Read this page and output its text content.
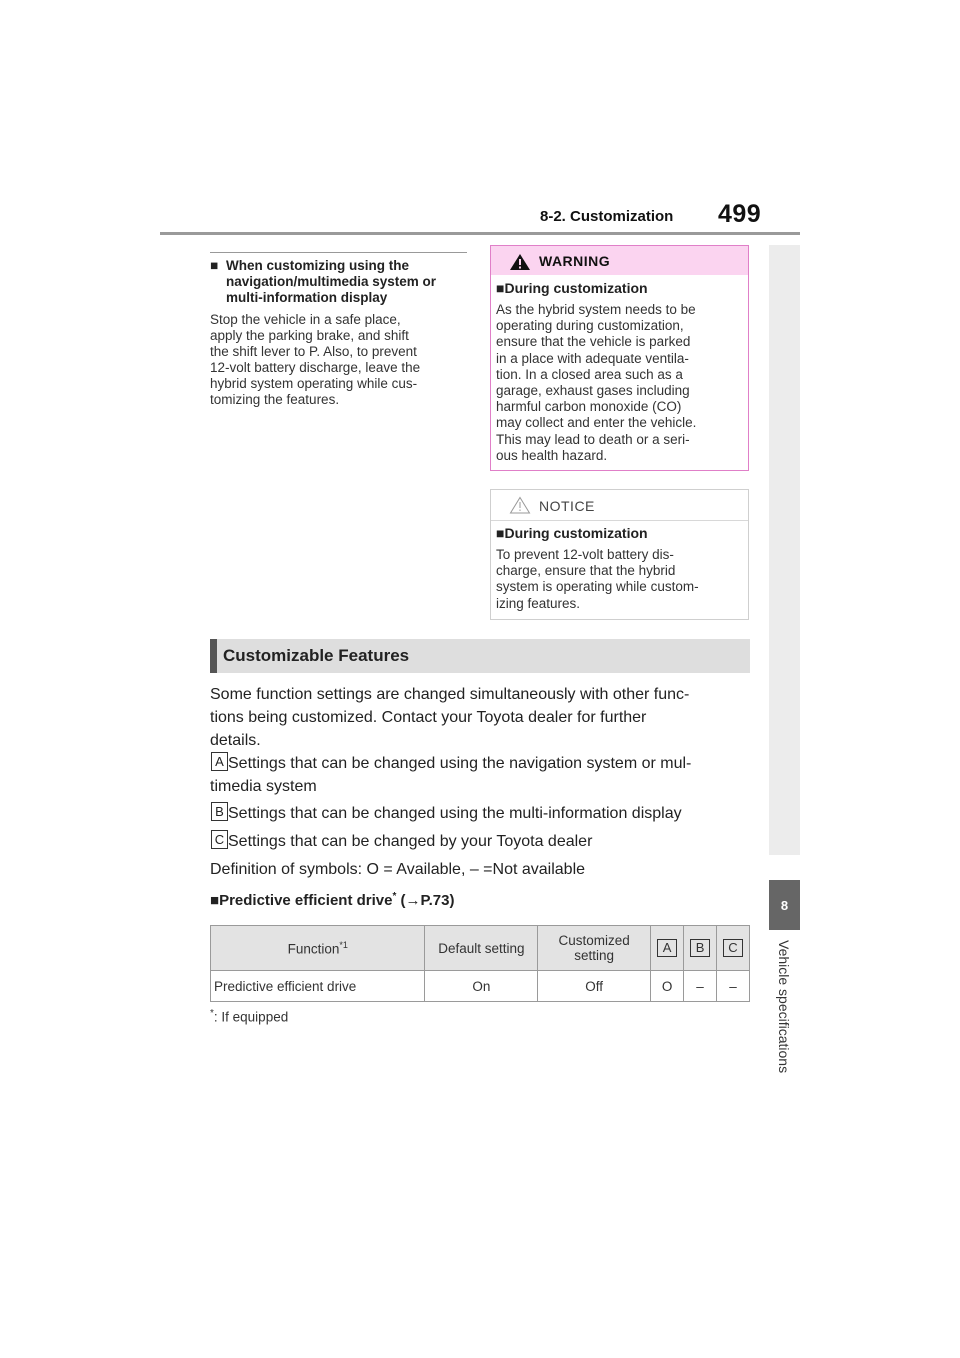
8-2. Customization 499
8
Vehicle specifications
■ When customizing using the navigation/multimedia system or multi-information display
Stop the vehicle in a safe place,
apply the parking brake, and shift
the shift lever to P. Also, to prevent
12-volt battery discharge, leave the
hybrid system operating while cus-
tomizing the features.
WARNING
■During customization
As the hybrid system needs to be
operating during customization,
ensure that the vehicle is parked
in a place with adequate ventila-
tion. In a closed area such as a
garage, exhaust gases including
harmful carbon monoxide (CO)
may collect and enter the vehicle.
This may lead to death or a seri-
ous health hazard.
NOTICE
■During customization
To prevent 12-volt battery dis-
charge, ensure that the hybrid
system is operating while custom-
izing features.
Customizable Features
Some function settings are changed simultaneously with other func-
tions being customized. Contact your Toyota dealer for further
details.
A Settings that can be changed using the navigation system or mul-
timedia system
B Settings that can be changed using the multi-information display
C Settings that can be changed by your Toyota dealer
Definition of symbols: O = Available, – =Not available
■Predictive efficient drive* (→P.73)
Function$^{*1}$	Default setting	Customized
setting	A	B	C
Predictive efficient drive	On	Off	O	–	–
*: If equipped
